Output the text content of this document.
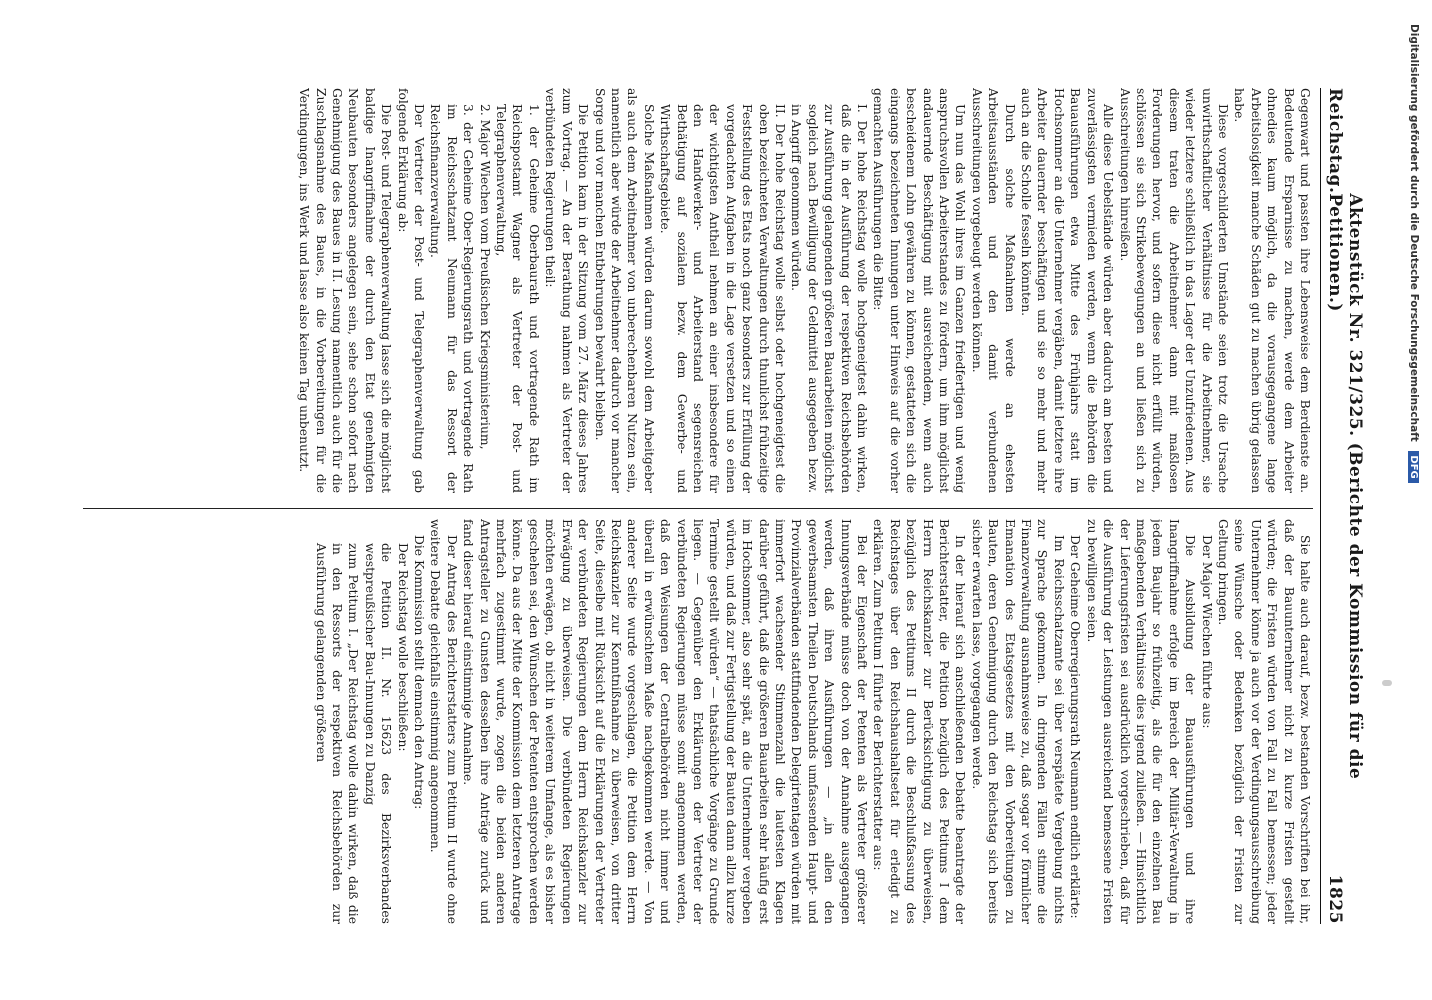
Reichstag.
Aktenstück Nr. 321/325. (Berichte der Kommission für die Petitionen.)
1825

Gegenwart und passten ihre Lebensweise dem Berdienste an. Bedeutende Ersparnisse zu machen, werde dem Arbeiter ohnedies kaum möglich, da die vorausgegangene lange Arbeitslosigkeit manche Schäden gut zu machen übrig gelassen habe.

Diese vorgeschilderten Umstände seien trotz die Ursache unwirthschaftlicher Verhältnisse für die Arbeitnehmer, sie wieder letztere schließlich in das Lager der Unzufriedenen. Aus diesem traten die Arbeitnehmer dann mit maßlosen Forderungen hervor, und sofern diese nicht erfüllt würden, schlössen sie sich Strikebewegungen an und ließen sich zu Ausschreitungen hinreißen.

Alle diese Uebelstände würden aber dadurch am besten und zuverlässigsten vermieden werden, wenn die Behörden die Bauausführungen etwa Mitte des Frühjahrs statt im Hochsommer an die Unternehmer vergäben, damit letztere ihre Arbeiter dauernder beschäftigen und sie so mehr und mehr auch an die Scholle fesseln könnten.

Durch solche Maßnahmen werde an ehesten Arbeitsausständen und den damit verbundenen Ausschreitungen vorgebeugt werden können.

Um nun das Wohl ihres im Ganzen friedfertigen und wenig anspruchsvollen Arbeiterstandes zu fördern, um ihm möglichst andauernde Beschäftigung mit ausreichendem, wenn auch bescheidenem Lohn gewähren zu können, gestatteten sich die eingangs bezeichneten Innungen unter Hinweis auf die vorher gemachten Ausführungen die Bitte:

I. Der hohe Reichstag wolle hochgeneigtest dahin wirken, daß die in der Ausführung der respektiven Reichsbehörden zur Ausführung gelangenden größeren Bauarbeiten möglichst sogleich nach Bewilligung der Geldmittel ausgegeben bezw. in Angriff genommen würden.

II. Der hohe Reichstag wolle selbst oder hochgeneigtest die oben bezeichneten Verwaltungen durch thunlichst frühzeitige Feststellung des Etats noch ganz besonders zur Erfüllung der vorgedachten Aufgaben in die Lage versetzen und so einen der wichtigsten Antheil nehmen an einer insbesondere für den Handwerker- und Arbeiterstand segensreichen Bethätigung auf sozialem bezw. dem Gewerbe- und Wirthschaftsgebiete.

Solche Maßnahmen würden darum sowohl dem Arbeitgeber als auch dem Arbeitnehmer von unberechenbaren Nutzen sein, namentlich aber würde der Arbeitnehmer dadurch vor mancher Sorge und vor manchen Entbehrungen bewahrt bleiben.

Die Petition kam in der Sitzung vom 27. März dieses Jahres zum Vortrag. — An der Berathung nahmen als Vertreter der verbündeten Regierungen theil:

1. der Geheime Oberbaurath und vortragende Rath im Reichspostamt Wagner als Vertreter der Post- und Telegraphenverwaltung,

2. Major Wiechen vom Preußischen Kriegsministerium,

3. der Geheime Ober-Regierungsrath und vortragende Rath im Reichsschatzamt Neumann für das Ressort der Reichsfinanzverwaltung.

Der Vertreter der Post- und Telegraphenverwaltung gab folgende Erklärung ab:

Die Post- und Telegraphenverwaltung lasse sich die möglichst baldige Inangriffnahme der durch den Etat genehmigten Neubauten besonders angelegen sein, sehe schon sofort nach Genehmigung des Baues in II. Lesung namentlich auch für die Zuschlagsnahme des Baues, in die Vorbereitungen für die Verdingungen, ins Werk und lasse also keinen Tag unbenutzt.

Sie halte auch darauf, bezw. bestanden Vorschriften bei ihr, daß der Bauunternehmer nicht zu kurze Fristen gestellt würden; die Fristen würden von Fall zu Fall bemessen; jeder Unternehmer könne ja auch vor der Verdingungsausschreibung seine Wünsche oder Bedenken bezüglich der Fristen zur Geltung bringen.

Der Major Wiechen führte aus:

Die Ausbildung der Bauausführungen und ihre Inangriffnahme erfolge im Bereich der Militär-Verwaltung in jedem Baujahr so frühzeitig, als die für den einzelnen Bau maßgebenden Verhältnisse dies irgend zuließen. — Hinsichtlich der Lieferungsfristen sei ausdrücklich vorgeschrieben, daß für die Ausführung der Leistungen ausreichend bemessene Fristen zu bewilligen seien.

Der Geheime Oberregierungsrath Neumann endlich erklärte:

Im Reichsschatzamte sei über verspätete Vergebung nichts zur Sprache gekommen. In dringenden Fällen stimme die Finanzverwaltung ausnahmsweise zu, daß sogar vor förmlicher Emanation des Etatsgesetzes mit den Vorbereitungen zu Bauten, deren Genehmigung durch den Reichstag sich bereits sicher erwarten lasse, vorgegangen werde.

In der hierauf sich anschließenden Debatte beantragte der Berichterstatter, die Petition bezüglich des Petitums I dem Herrn Reichskanzler zur Berücksichtigung zu überweisen, bezüglich des Petitums II durch die Beschlußfassung des Reichstages über den Reichshaushaltsetat für erledigt zu erklären. Zum Petitum I führte der Berichterstatter aus:

Bei der Eigenschaft der Petenten als Vertreter größerer Innungsverbände müsse doch von der Annahme ausgegangen werden, daß ihren Ausführungen — „in allen den gewerbsamsten Theilen Deutschlands umfassenden Haupt- und Provinzialverbänden stattfindenden Delegirtentagen würden mit immerfort wachsender Stimmenzahl die lautesten Klagen darüber geführt, daß die größeren Bauarbeiten sehr häufig erst im Hochsommer, also sehr spät, an die Unternehmer vergeben würden, und daß zur Fertigstellung der Bauten dann allzu kurze Termine gestellt würden“ — thatsächliche Vorgänge zu Grunde liegen. — Gegenüber den Erklärungen der Vertreter der verbündeten Regierungen müsse somit angenommen werden, daß den Weisungen der Centralbehörden nicht immer und überall in erwünschtem Maße nachgekommen werde. — Von anderer Seite wurde vorgeschlagen, die Petition dem Herrn Reichskanzler zur Kenntnißnahme zu überweisen, von dritter Seite, dieselbe mit Rücksicht auf die Erklärungen der Vertreter der verbündeten Regierungen dem Herrn Reichskanzler zur Erwägung zu überweisen. Die verbündeten Regierungen möchten erwägen, ob nicht in weiterem Umfange, als es bisher geschehen sei, den Wünschen der Petenten entsprochen werden könne. Da aus der Mitte der Kommission dem letzteren Antrage mehrfach zugestimmt wurde, zogen die beiden anderen Antragsteller zu Gunsten desselben ihre Anträge zurück und fand dieser hierauf einstimmige Annahme.

Der Antrag des Berichterstatters zum Petitum II wurde ohne weitere Debatte gleichfalls einstimmig angenommen.

Die Kommission stellt demnach den Antrag:

Der Reichstag wolle beschließen:

die Petition II. Nr. 15623 des Bezirksverbandes westpreußischer Bau-Innungen zu Danzig

zum Petitum I. „Der Reichstag wolle dahin wirken, daß die in den Ressorts der respektiven Reichsbehörden zur Ausführung gelangenden größeren

Digitalisierung gefördert durch die Deutsche Forschungsgemeinschaft DFG
